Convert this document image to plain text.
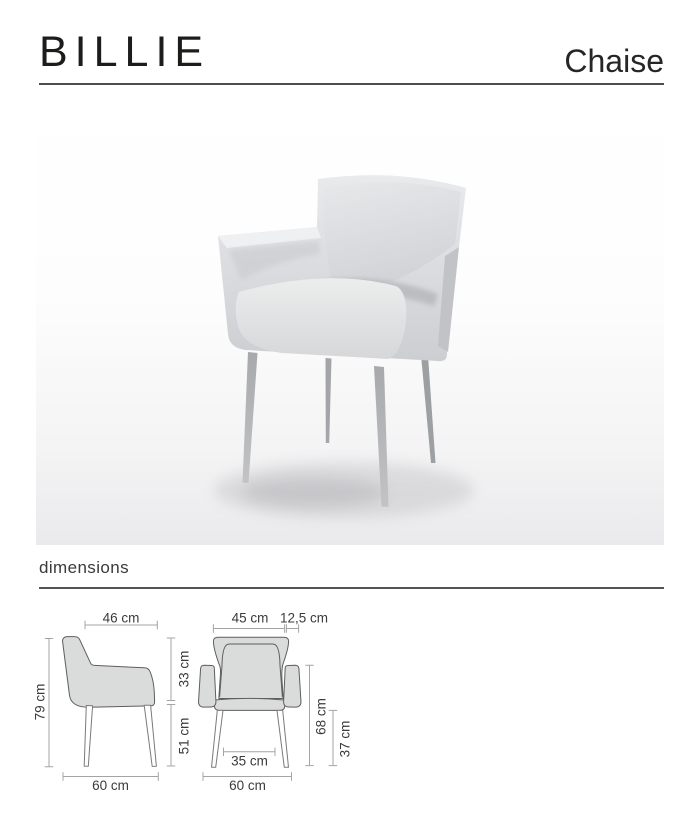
BILLIE	Chaise
dimensions
46 cm
79 cm
33 cm
51 cm
60 cm
45 cm 12,5 cm
68 cm
37 cm
35 cm
60 cm
